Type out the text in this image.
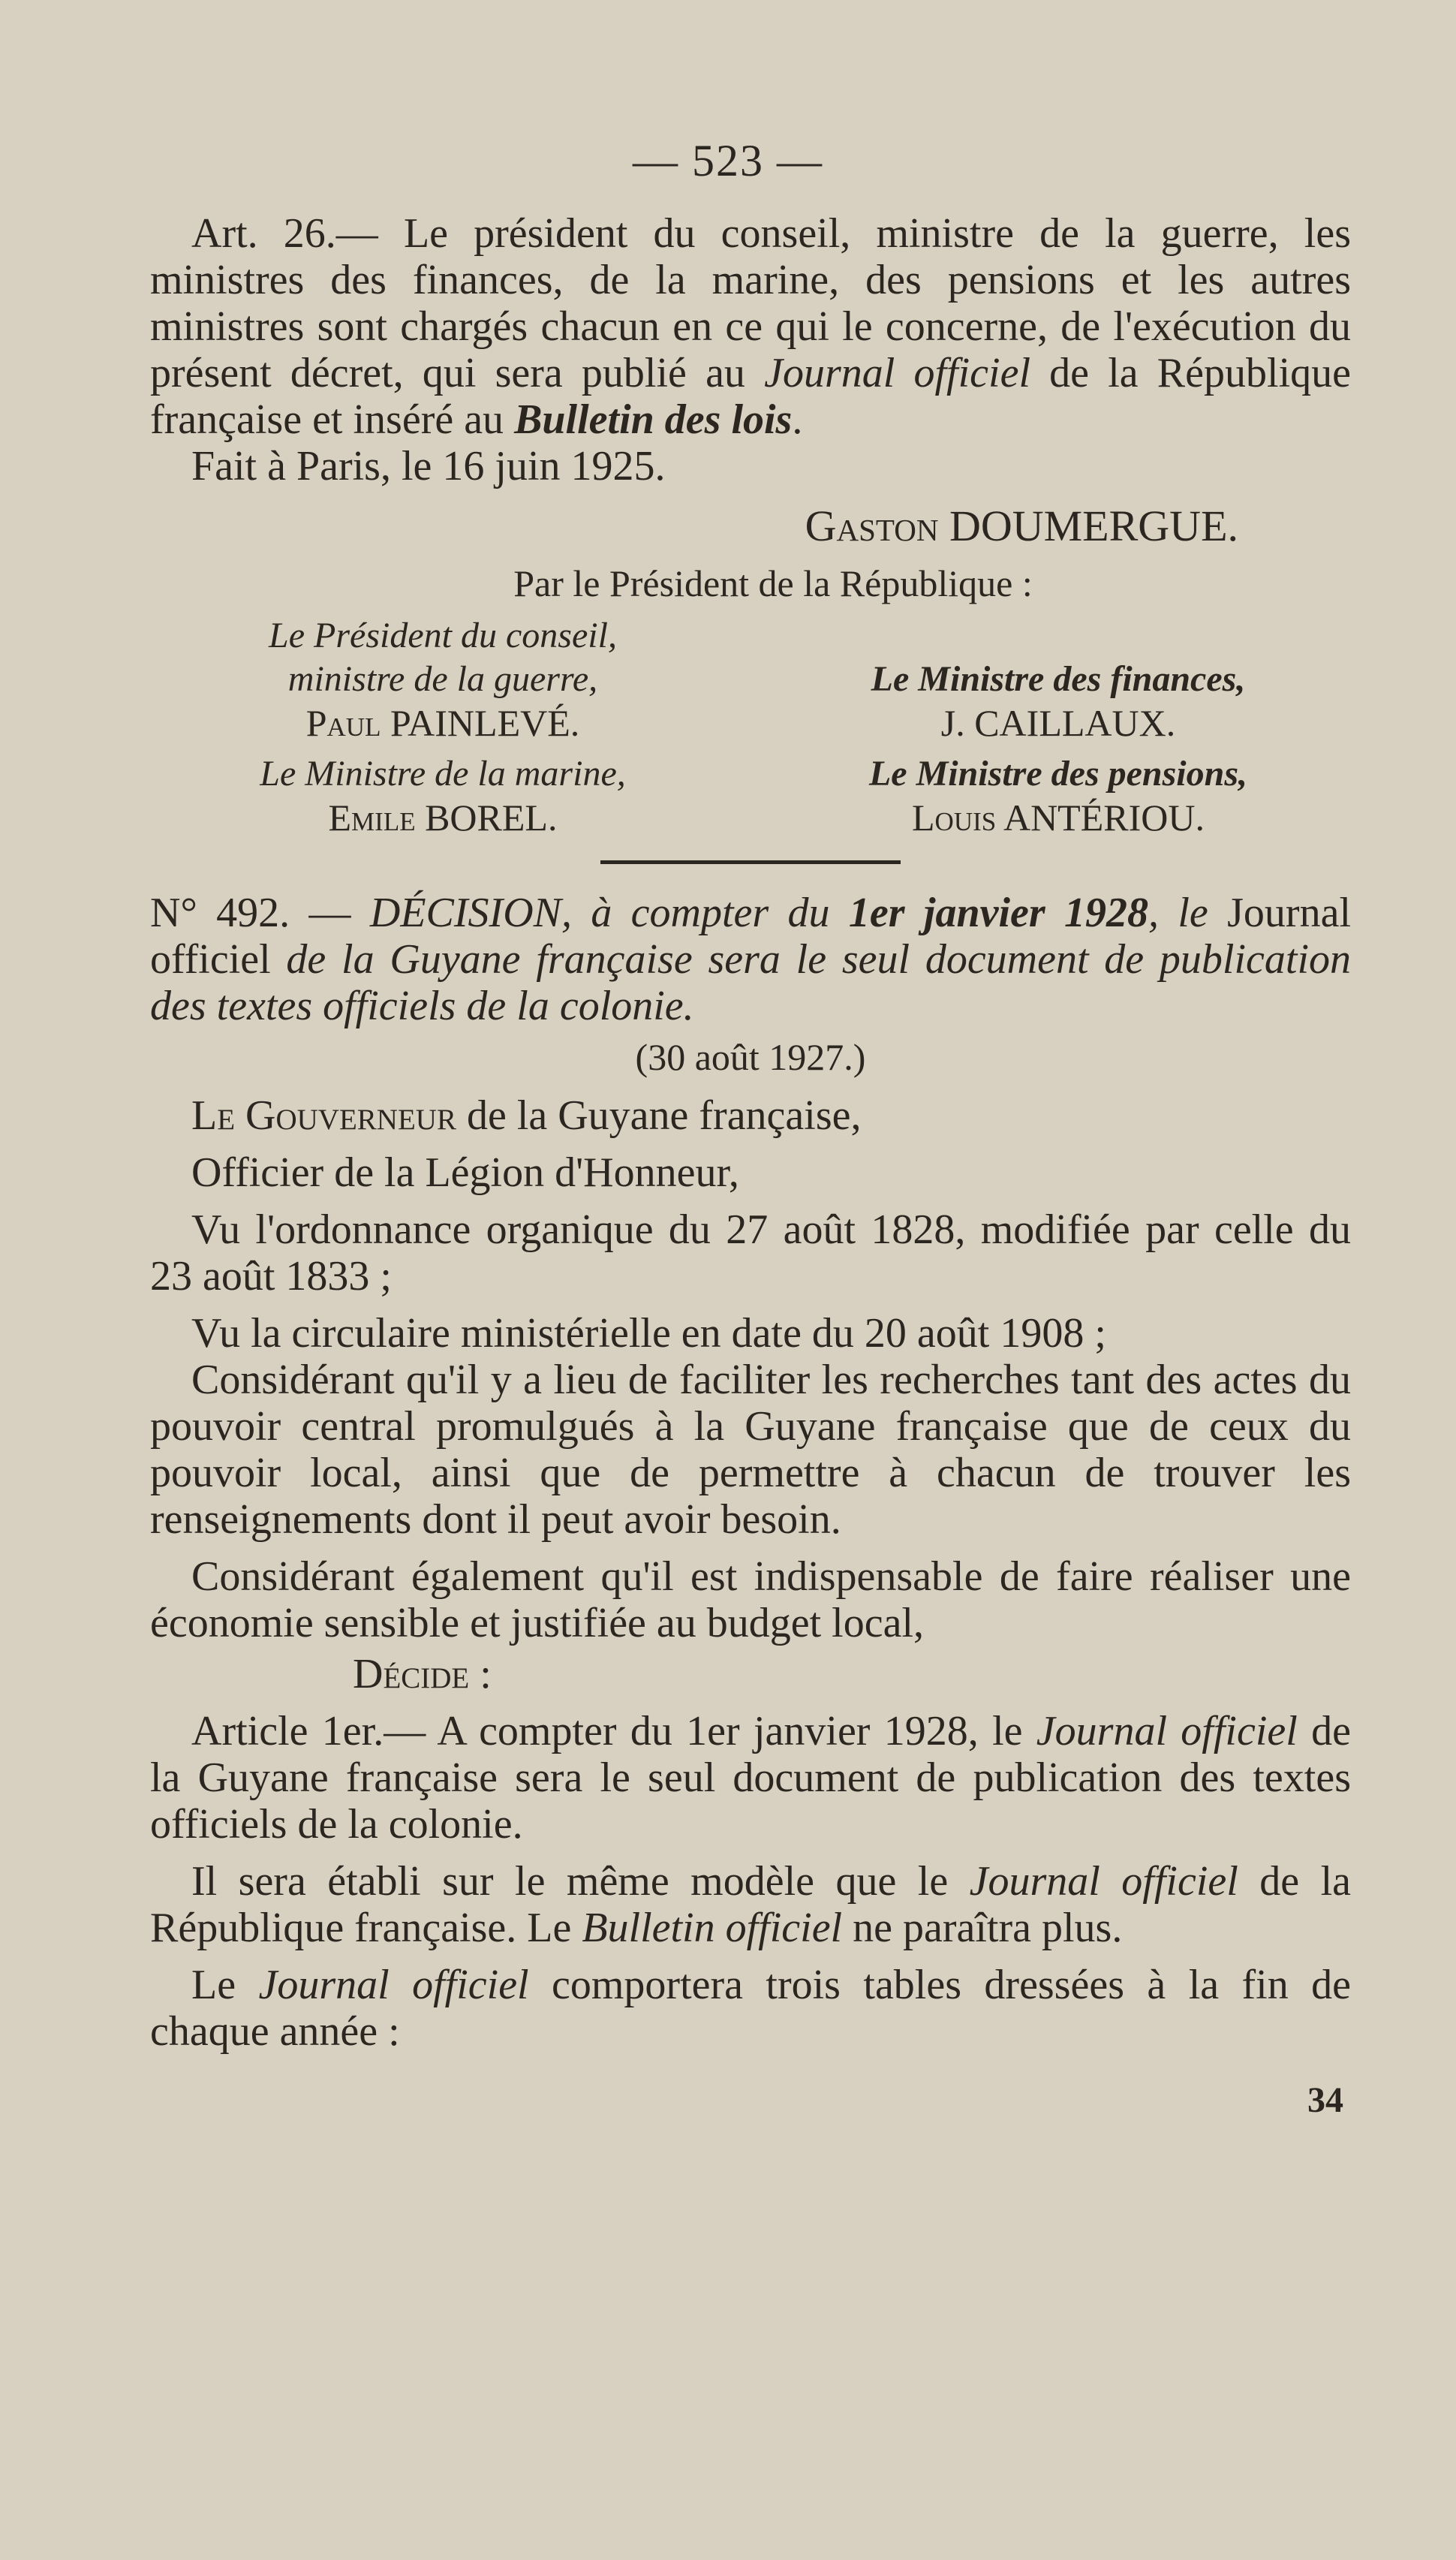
— 523 —

Art. 26.— Le président du conseil, ministre de la guerre, les ministres des finances, de la marine, des pensions et les autres ministres sont chargés chacun en ce qui le concerne, de l'exécution du présent décret, qui sera publié au Journal officiel de la République française et inséré au Bulletin des lois.

Fait à Paris, le 16 juin 1925.

Gaston DOUMERGUE.

Par le Président de la République :

Le Président du conseil,
ministre de la guerre,
Paul PAINLEVÉ.
Le Ministre des finances,
J. CAILLAUX.
Le Ministre de la marine,
Emile BOREL.
Le Ministre des pensions,
Louis ANTÉRIOU.

N° 492. — DÉCISION, à compter du 1er janvier 1928, le Journal officiel de la Guyane française sera le seul document de publication des textes officiels de la colonie.

(30 août 1927.)

Le Gouverneur de la Guyane française,

Officier de la Légion d'Honneur,

Vu l'ordonnance organique du 27 août 1828, modifiée par celle du 23 août 1833 ;

Vu la circulaire ministérielle en date du 20 août 1908 ;

Considérant qu'il y a lieu de faciliter les recherches tant des actes du pouvoir central promulgués à la Guyane française que de ceux du pouvoir local, ainsi que de permettre à chacun de trouver les renseignements dont il peut avoir besoin.

Considérant également qu'il est indispensable de faire réaliser une économie sensible et justifiée au budget local,

Décide :

Article 1er.— A compter du 1er janvier 1928, le Journal officiel de la Guyane française sera le seul document de publication des textes officiels de la colonie.

Il sera établi sur le même modèle que le Journal officiel de la République française. Le Bulletin officiel ne paraîtra plus.

Le Journal officiel comportera trois tables dressées à la fin de chaque année :

34
